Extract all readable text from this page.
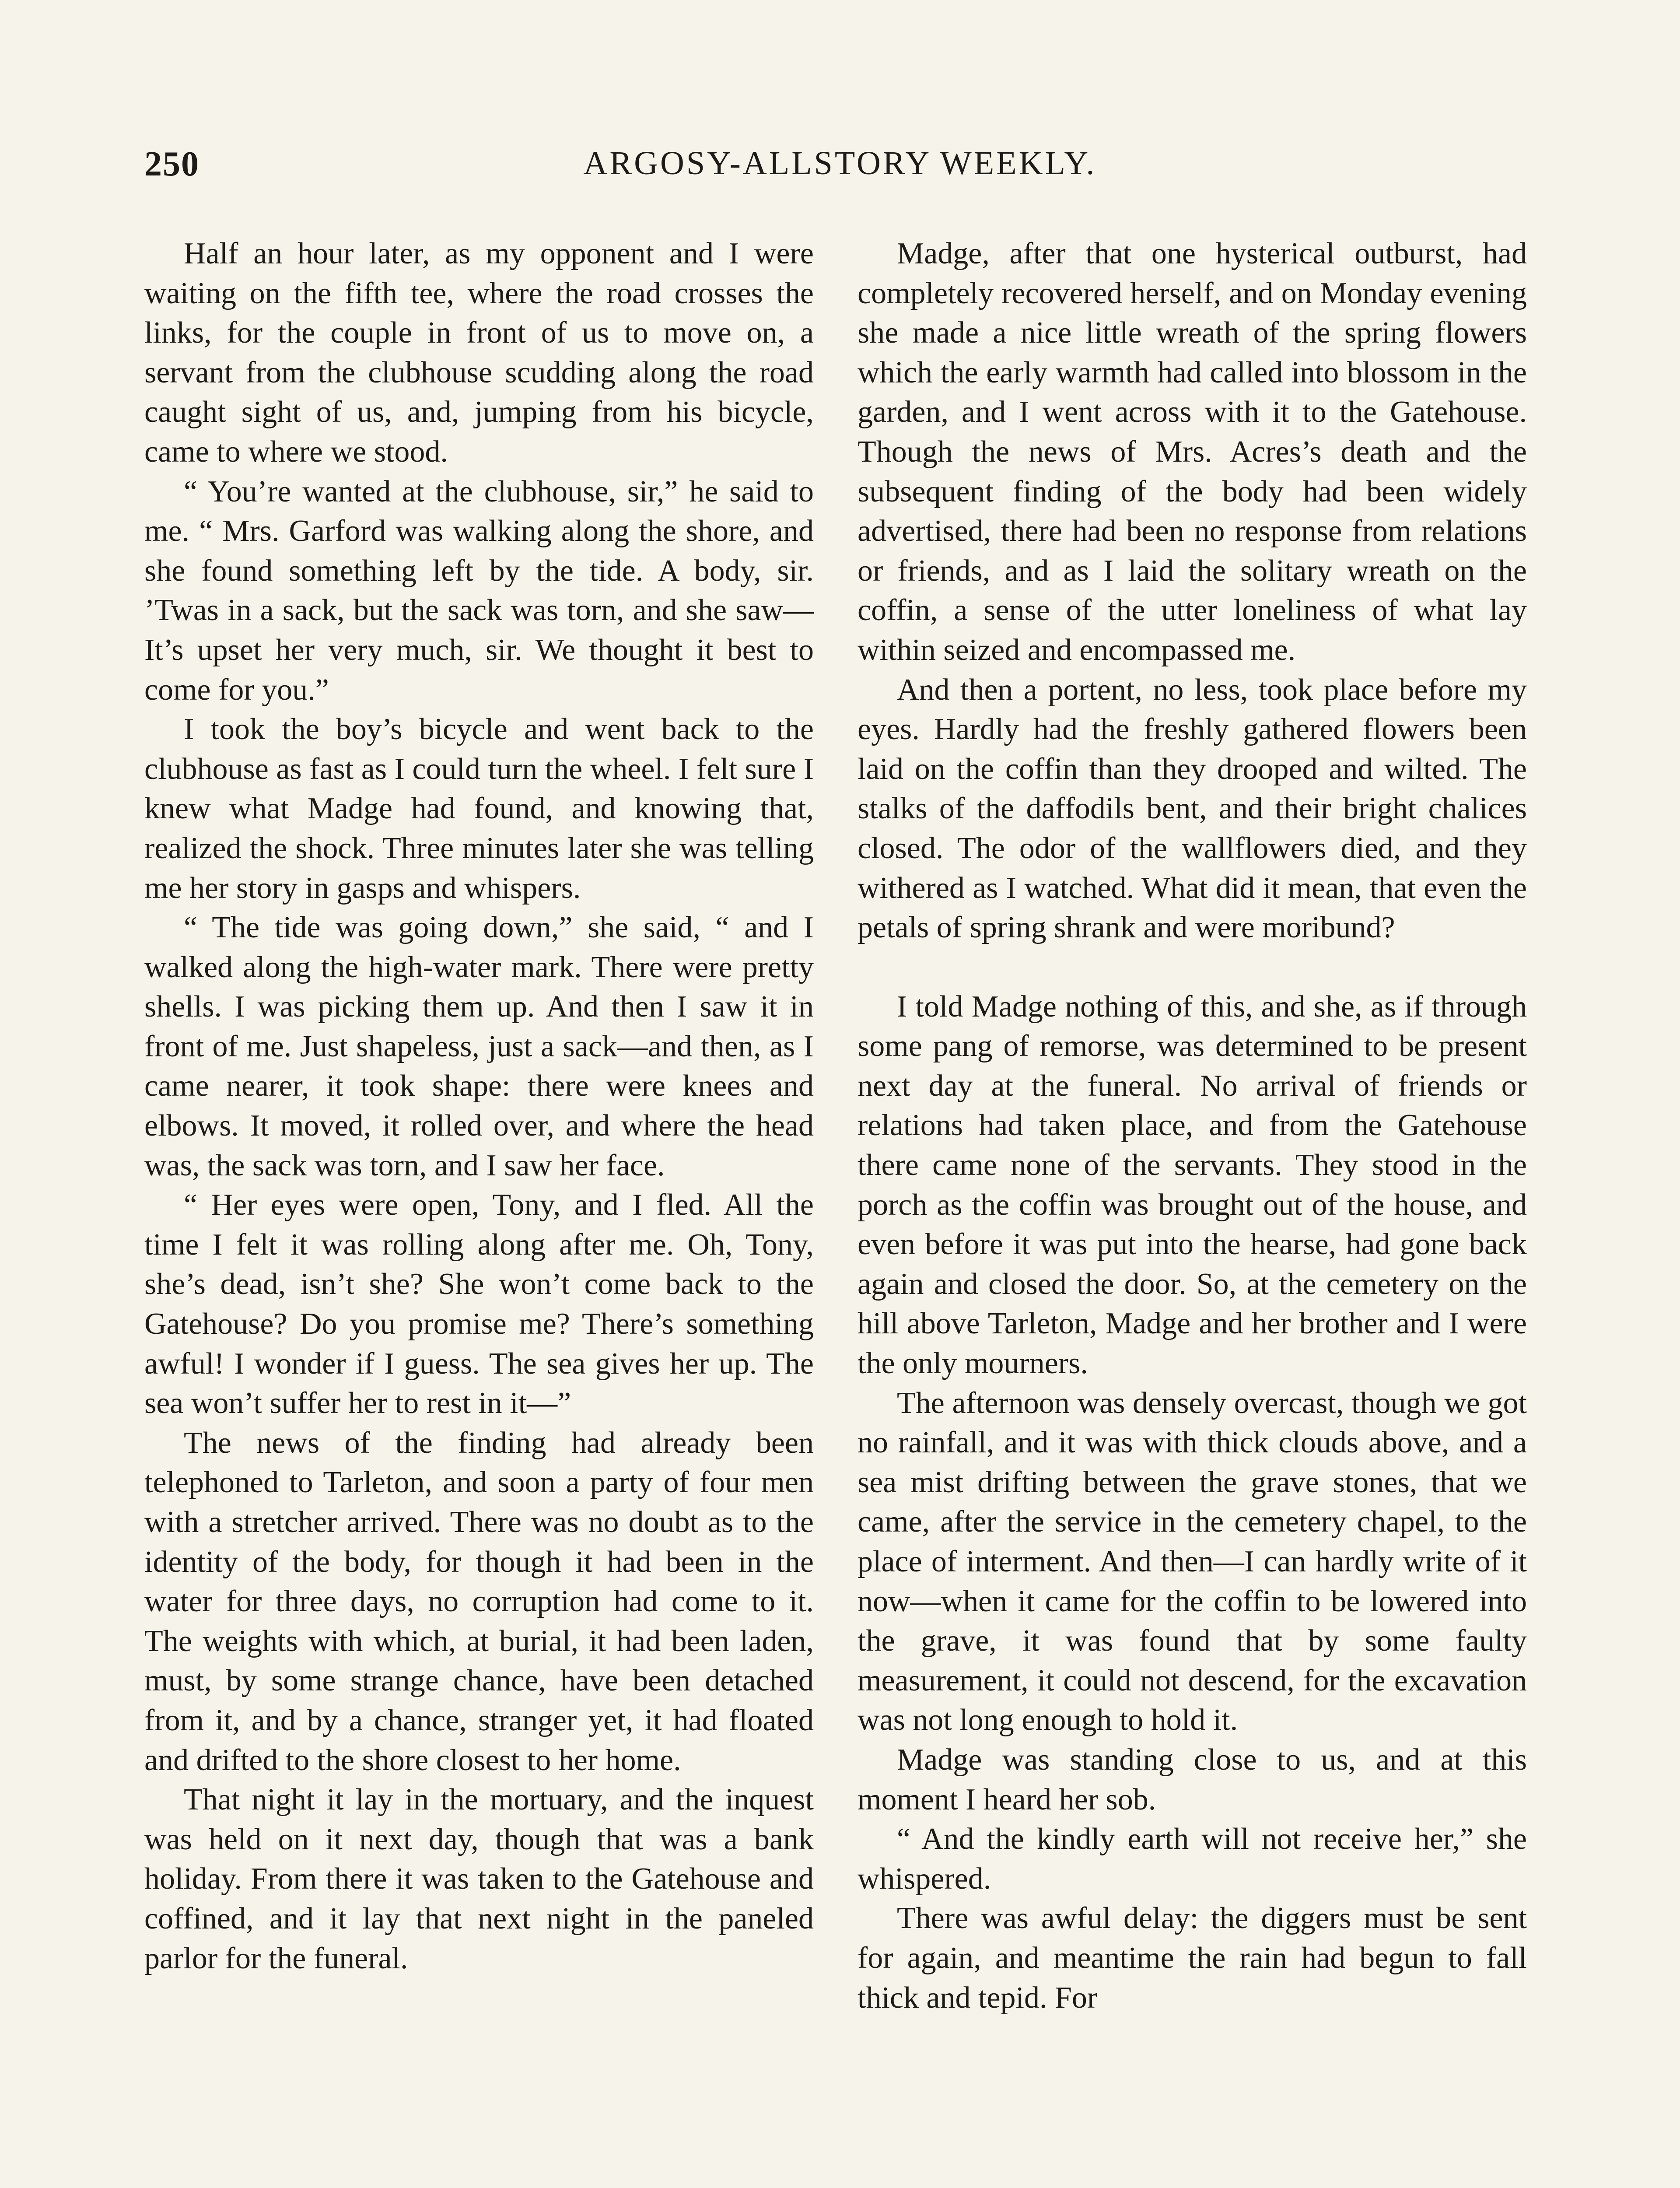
250	ARGOSY-ALLSTORY WEEKLY.

Half an hour later, as my opponent and I were waiting on the fifth tee, where the road crosses the links, for the couple in front of us to move on, a servant from the clubhouse scudding along the road caught sight of us, and, jumping from his bicycle, came to where we stood.

“ You’re wanted at the clubhouse, sir,” he said to me. “ Mrs. Garford was walking along the shore, and she found something left by the tide. A body, sir. ’Twas in a sack, but the sack was torn, and she saw— It’s upset her very much, sir. We thought it best to come for you.”

I took the boy’s bicycle and went back to the clubhouse as fast as I could turn the wheel. I felt sure I knew what Madge had found, and knowing that, realized the shock. Three minutes later she was telling me her story in gasps and whispers.

“ The tide was going down,” she said, “ and I walked along the high-water mark. There were pretty shells. I was picking them up. And then I saw it in front of me. Just shapeless, just a sack—and then, as I came nearer, it took shape: there were knees and elbows. It moved, it rolled over, and where the head was, the sack was torn, and I saw her face.

“ Her eyes were open, Tony, and I fled. All the time I felt it was rolling along after me. Oh, Tony, she’s dead, isn’t she? She won’t come back to the Gatehouse? Do you promise me? There’s something awful! I wonder if I guess. The sea gives her up. The sea won’t suffer her to rest in it—”

The news of the finding had already been telephoned to Tarleton, and soon a party of four men with a stretcher arrived. There was no doubt as to the identity of the body, for though it had been in the water for three days, no corruption had come to it. The weights with which, at burial, it had been laden, must, by some strange chance, have been detached from it, and by a chance, stranger yet, it had floated and drifted to the shore closest to her home.

That night it lay in the mortuary, and the inquest was held on it next day, though that was a bank holiday. From there it was taken to the Gatehouse and coffined, and it lay that next night in the paneled parlor for the funeral.

Madge, after that one hysterical outburst, had completely recovered herself, and on Monday evening she made a nice little wreath of the spring flowers which the early warmth had called into blossom in the garden, and I went across with it to the Gatehouse. Though the news of Mrs. Acres’s death and the subsequent finding of the body had been widely advertised, there had been no response from relations or friends, and as I laid the solitary wreath on the coffin, a sense of the utter loneliness of what lay within seized and encompassed me.

And then a portent, no less, took place before my eyes. Hardly had the freshly gathered flowers been laid on the coffin than they drooped and wilted. The stalks of the daffodils bent, and their bright chalices closed. The odor of the wallflowers died, and they withered as I watched. What did it mean, that even the petals of spring shrank and were moribund?

I told Madge nothing of this, and she, as if through some pang of remorse, was determined to be present next day at the funeral. No arrival of friends or relations had taken place, and from the Gatehouse there came none of the servants. They stood in the porch as the coffin was brought out of the house, and even before it was put into the hearse, had gone back again and closed the door. So, at the cemetery on the hill above Tarleton, Madge and her brother and I were the only mourners.

The afternoon was densely overcast, though we got no rainfall, and it was with thick clouds above, and a sea mist drifting between the grave stones, that we came, after the service in the cemetery chapel, to the place of interment. And then—I can hardly write of it now—when it came for the coffin to be lowered into the grave, it was found that by some faulty measurement, it could not descend, for the excavation was not long enough to hold it.

Madge was standing close to us, and at this moment I heard her sob.

“ And the kindly earth will not receive her,” she whispered.

There was awful delay: the diggers must be sent for again, and meantime the rain had begun to fall thick and tepid. For
